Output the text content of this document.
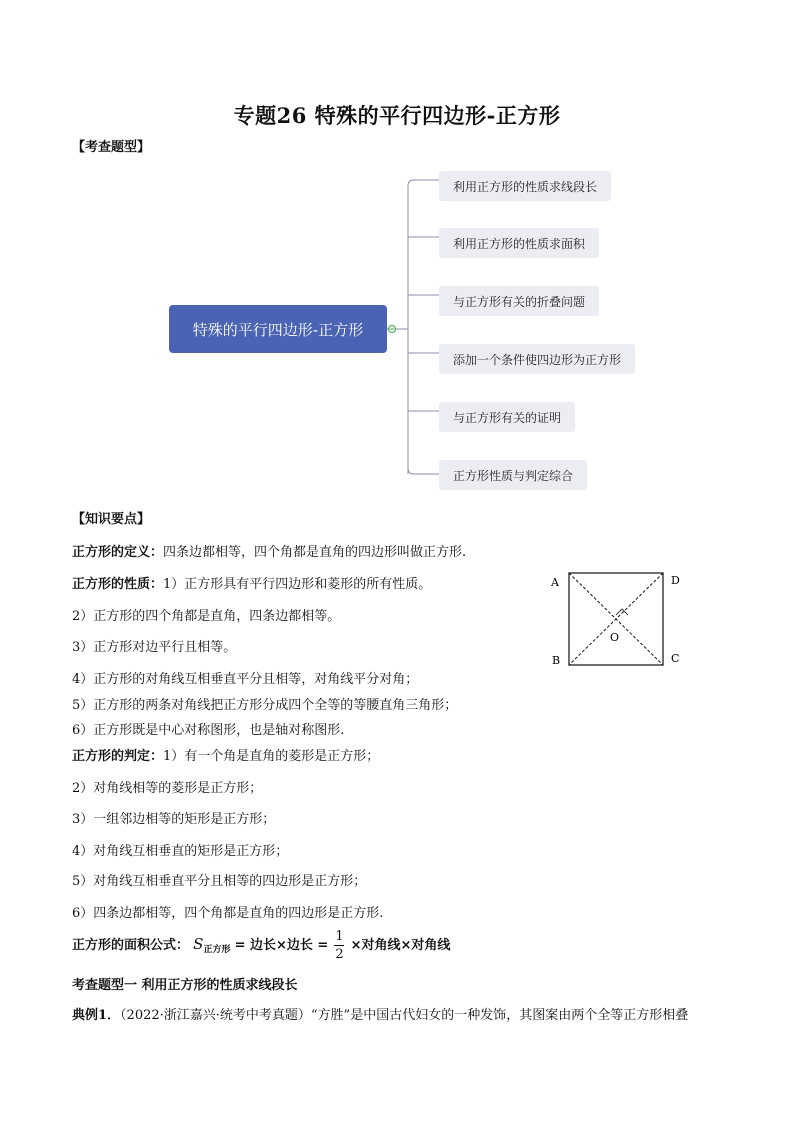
专题26 特殊的平行四边形-正方形
【考查题型】
特殊的平行四边形-正方形
利用正方形的性质求线段长
利用正方形的性质求面积
与正方形有关的折叠问题
添加一个条件使四边形为正方形
与正方形有关的证明
正方形性质与判定综合
【知识要点】
正方形的定义：四条边都相等，四个角都是直角的四边形叫做正方形.
正方形的性质：1）正方形具有平行四边形和菱形的所有性质。
2）正方形的四个角都是直角，四条边都相等。
3）正方形对边平行且相等。
4）正方形的对角线互相垂直平分且相等，对角线平分对角；
5）正方形的两条对角线把正方形分成四个全等的等腰直角三角形；
6）正方形既是中心对称图形，也是轴对称图形.
正方形的判定：1）有一个角是直角的菱形是正方形；
2）对角线相等的菱形是正方形；
3）一组邻边相等的矩形是正方形；
4）对角线互相垂直的矩形是正方形；
5）对角线互相垂直平分且相等的四边形是正方形；
6）四条边都相等，四个角都是直角的四边形是正方形.
A	D
B	C
O
正方形的面积公式： $S_{正方形}$ = 边长×边长 = $\frac{1}{2}$ ×对角线×对角线
考查题型一 利用正方形的性质求线段长
典例1．（2022·浙江嘉兴·统考中考真题）“方胜”是中国古代妇女的一种发饰，其图案由两个全等正方形相叠
